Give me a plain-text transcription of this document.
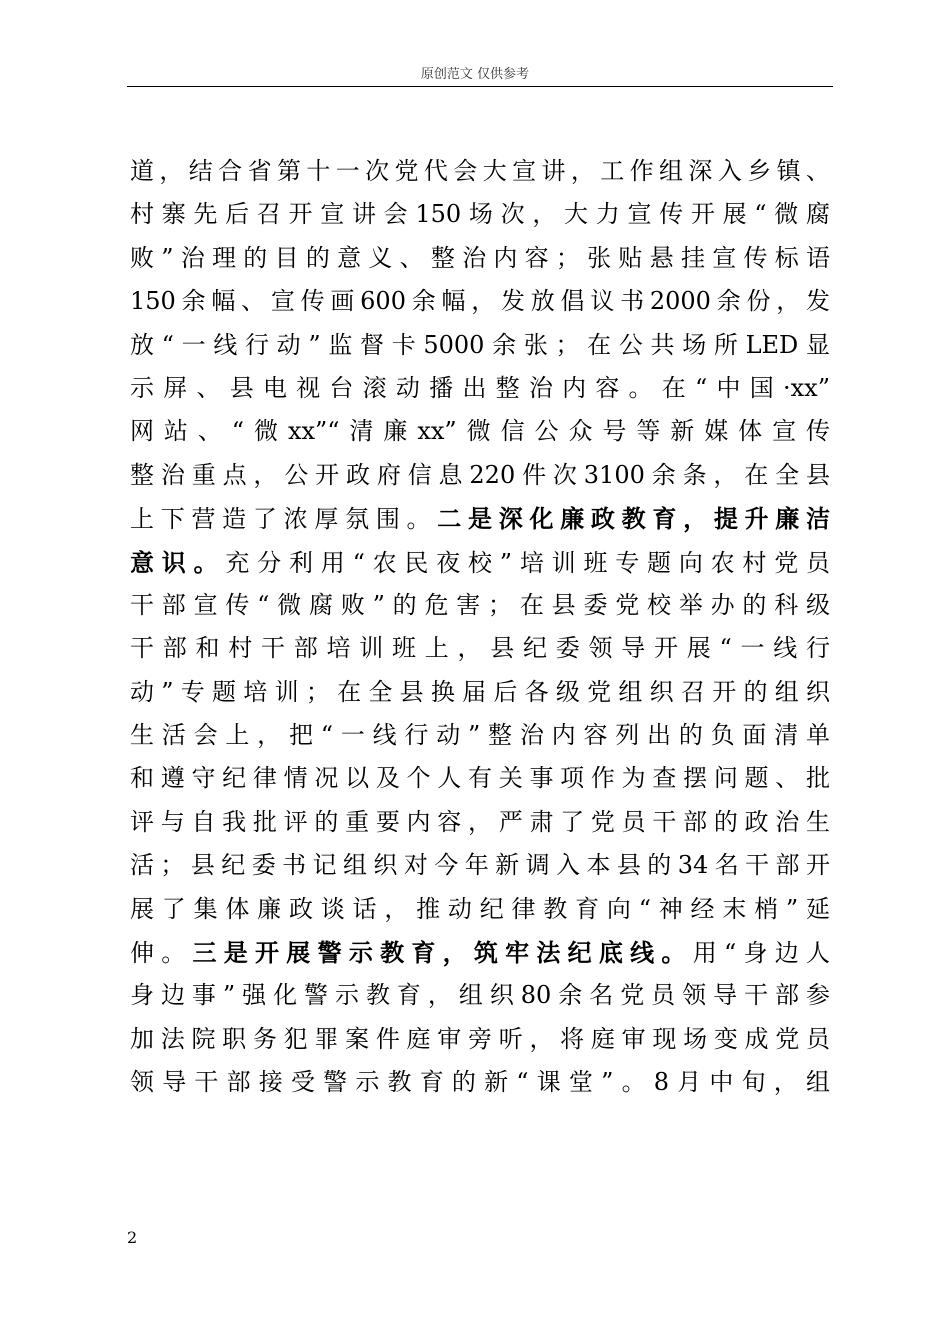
原创范文 仅供参考
道，结合省第十一次党代会大宣讲，工作组深入乡镇、
村寨先后召开宣讲会150场次，大力宣传开展“微腐
败”治理的目的意义、整治内容；张贴悬挂宣传标语
150余幅、宣传画600余幅，发放倡议书2000余份，发
放“一线行动”监督卡5000余张；在公共场所LED显
示屏、县电视台滚动播出整治内容。在“中国·xx”
网站、“微xx”“清廉xx”微信公众号等新媒体宣传
整治重点，公开政府信息220件次3100余条，在全县
上下营造了浓厚氛围。二是深化廉政教育，提升廉洁
意识。充分利用“农民夜校”培训班专题向农村党员
干部宣传“微腐败”的危害；在县委党校举办的科级
干部和村干部培训班上，县纪委领导开展“一线行
动”专题培训；在全县换届后各级党组织召开的组织
生活会上，把“一线行动”整治内容列出的负面清单
和遵守纪律情况以及个人有关事项作为查摆问题、批
评与自我批评的重要内容，严肃了党员干部的政治生
活；县纪委书记组织对今年新调入本县的34名干部开
展了集体廉政谈话，推动纪律教育向“神经末梢”延
伸。三是开展警示教育，筑牢法纪底线。用“身边人
身边事”强化警示教育，组织80余名党员领导干部参
加法院职务犯罪案件庭审旁听，将庭审现场变成党员
领导干部接受警示教育的新“课堂”。8月中旬，组
2
